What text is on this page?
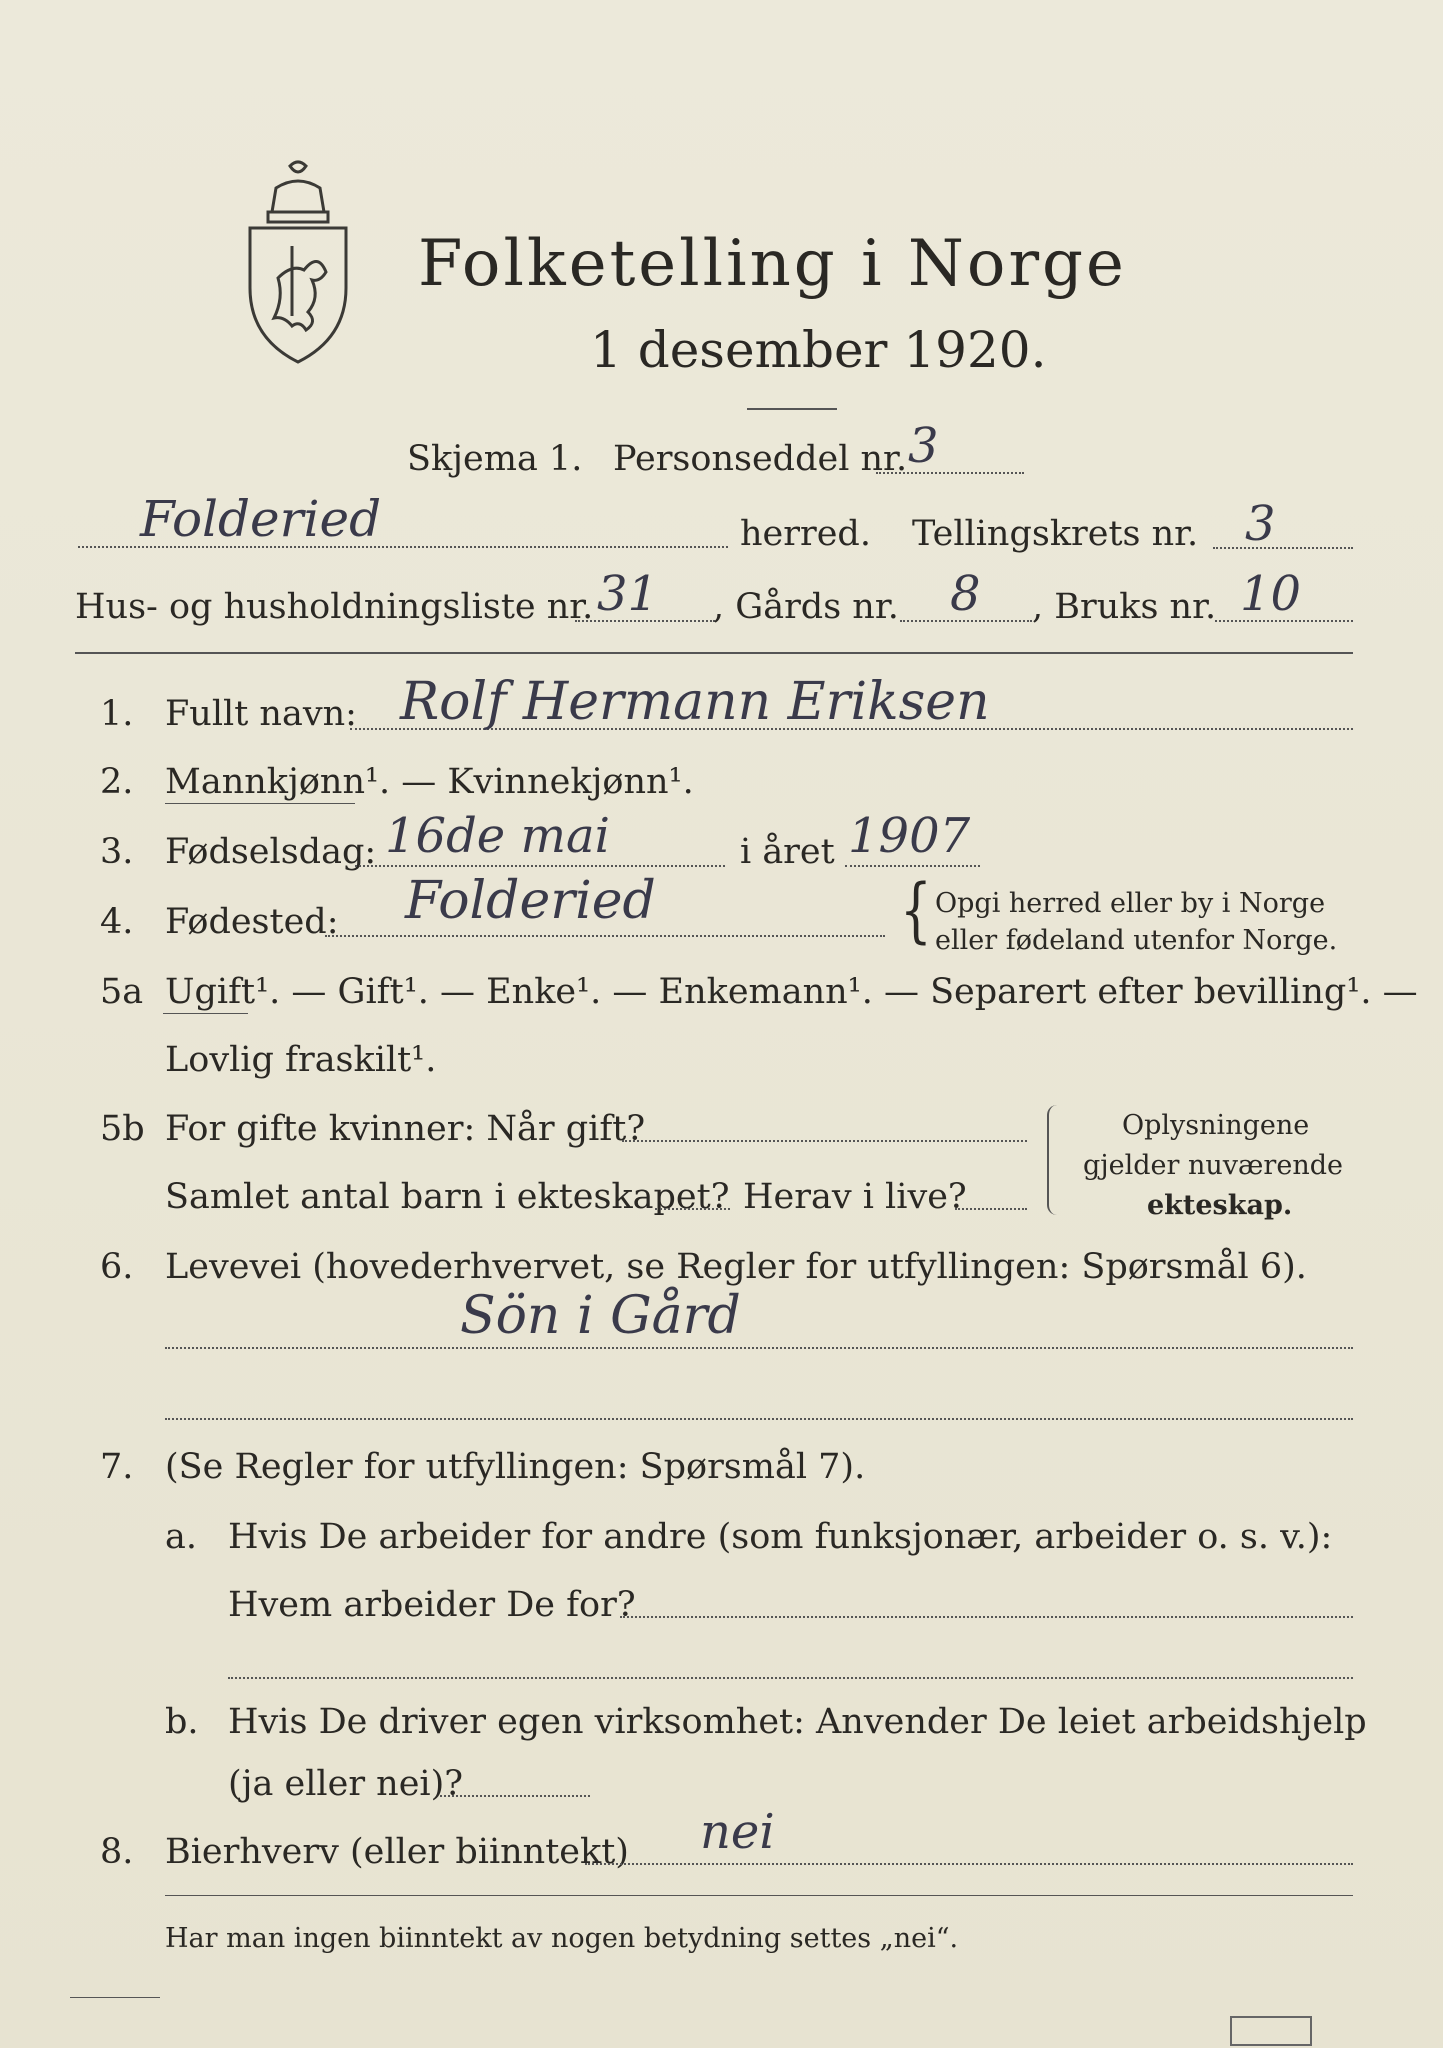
Folketelling i Norge
1 desember 1920.
Skjema 1. Personseddel nr. 3
Folderied	herred. Tellingskrets nr. 3
Hus- og husholdningsliste nr. 31 , Gårds nr. 8 , Bruks nr. 10
1. Fullt navn: Rolf Hermann Eriksen
2. Mannkjønn¹. — Kvinnekjønn¹.
3. Fødselsdag: 16de mai	i året 1907
4. Fødested: Folderied	{ Opgi herred eller by i Norge
eller fødeland utenfor Norge.
5a Ugift¹. — Gift¹. — Enke¹. — Enkemann¹. — Separert efter bevilling¹. —
Lovlig fraskilt¹.
5b For gifte kvinner: Når gift?
Samlet antal barn i ekteskapet? Herav i live?
Oplysningene
gjelder nuværende
ekteskap.
6. Levevei (hovederhvervet, se Regler for utfyllingen: Spørsmål 6).
Sön i Gård
7. (Se Regler for utfyllingen: Spørsmål 7).
a. Hvis De arbeider for andre (som funksjonær, arbeider o. s. v.):
Hvem arbeider De for?
b. Hvis De driver egen virksomhet: Anvender De leiet arbeidshjelp
(ja eller nei)?
8. Bierhverv (eller biinntekt) nei
Har man ingen biinntekt av nogen betydning settes „nei“.
